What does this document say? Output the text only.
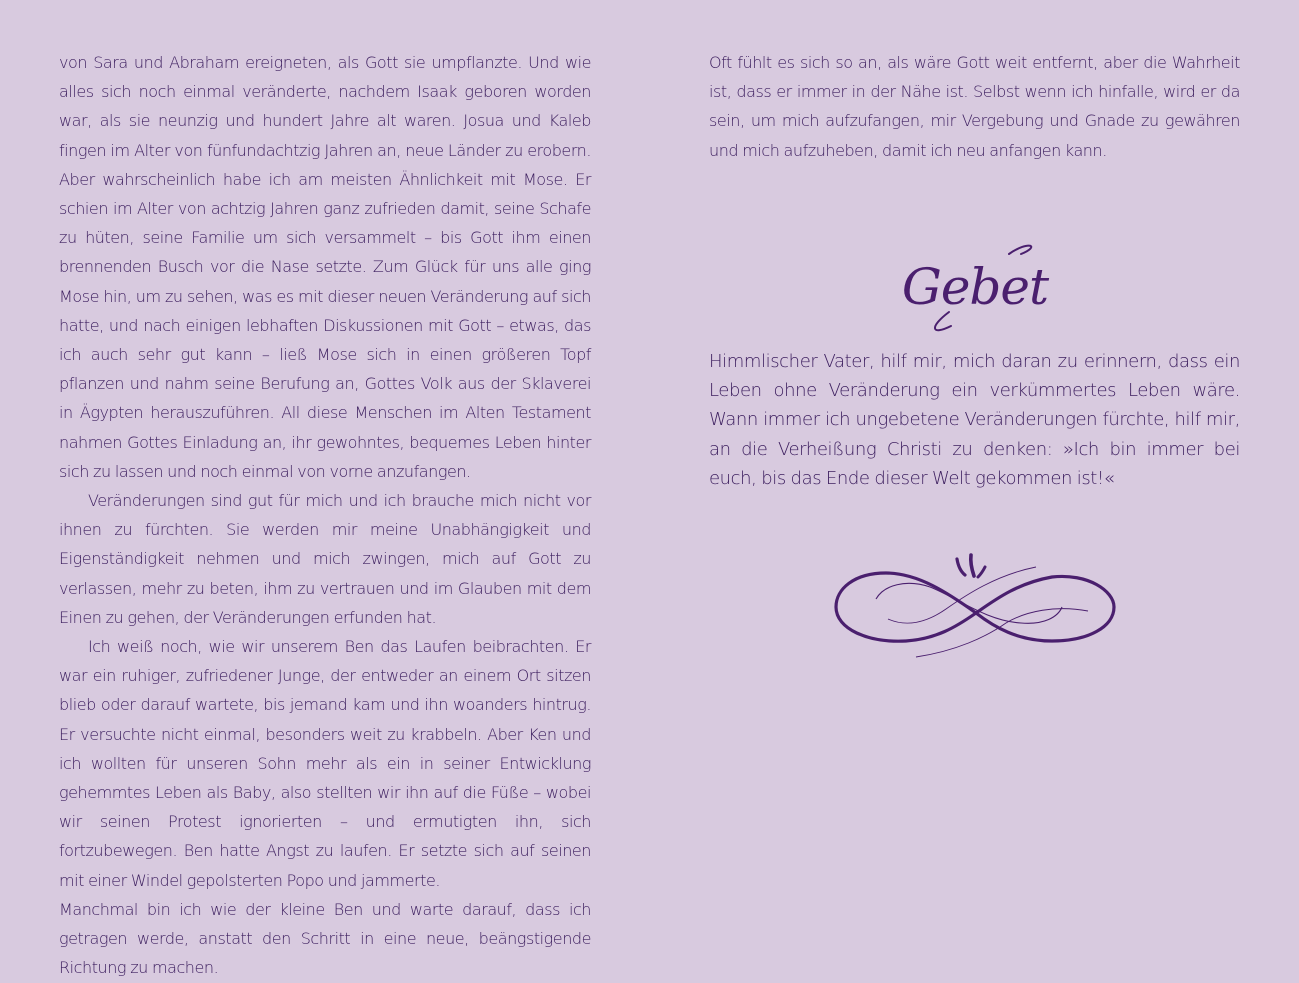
von Sara und Abraham ereigneten, als Gott sie umpflanzte. Und wie alles sich noch einmal veränderte, nachdem Isaak geboren worden war, als sie neunzig und hundert Jahre alt waren. Josua und Kaleb fingen im Alter von fünfundachtzig Jahren an, neue Länder zu erobern. Aber wahrscheinlich habe ich am meisten Ähnlichkeit mit Mose. Er schien im Alter von achtzig Jahren ganz zufrieden damit, seine Schafe zu hüten, seine Familie um sich versammelt – bis Gott ihm einen brennenden Busch vor die Nase setzte. Zum Glück für uns alle ging Mose hin, um zu sehen, was es mit dieser neuen Veränderung auf sich hatte, und nach einigen lebhaften Diskussionen mit Gott – etwas, das ich auch sehr gut kann – ließ Mose sich in einen größeren Topf pflanzen und nahm seine Berufung an, Gottes Volk aus der Sklaverei in Ägypten herauszuführen. All diese Menschen im Alten Testament nahmen Gottes Einladung an, ihr gewohntes, bequemes Leben hinter sich zu lassen und noch einmal von vorne anzufangen.

Veränderungen sind gut für mich und ich brauche mich nicht vor ihnen zu fürchten. Sie werden mir meine Unabhängigkeit und Eigenständigkeit nehmen und mich zwingen, mich auf Gott zu verlassen, mehr zu beten, ihm zu vertrauen und im Glauben mit dem Einen zu gehen, der Veränderungen erfunden hat.

Ich weiß noch, wie wir unserem Ben das Laufen beibrachten. Er war ein ruhiger, zufriedener Junge, der entweder an einem Ort sitzen blieb oder darauf wartete, bis jemand kam und ihn woanders hintrug. Er versuchte nicht einmal, besonders weit zu krabbeln. Aber Ken und ich wollten für unseren Sohn mehr als ein in seiner Entwicklung gehemmtes Leben als Baby, also stellten wir ihn auf die Füße – wobei wir seinen Protest ignorierten – und ermutigten ihn, sich fortzubewegen. Ben hatte Angst zu laufen. Er setzte sich auf seinen mit einer Windel gepolsterten Popo und jammerte.

Manchmal bin ich wie der kleine Ben und warte darauf, dass ich getragen werde, anstatt den Schritt in eine neue, beängstigende Richtung zu machen.

Oft fühlt es sich so an, als wäre Gott weit entfernt, aber die Wahrheit ist, dass er immer in der Nähe ist. Selbst wenn ich hinfalle, wird er da sein, um mich aufzufangen, mir Vergebung und Gnade zu gewähren und mich aufzuheben, damit ich neu anfangen kann.

Gebet

Himmlischer Vater, hilf mir, mich daran zu erinnern, dass ein Leben ohne Veränderung ein verkümmertes Leben wäre. Wann immer ich ungebetene Veränderungen fürchte, hilf mir, an die Verheißung Christi zu denken: »Ich bin immer bei euch, bis das Ende dieser Welt gekommen ist!«
